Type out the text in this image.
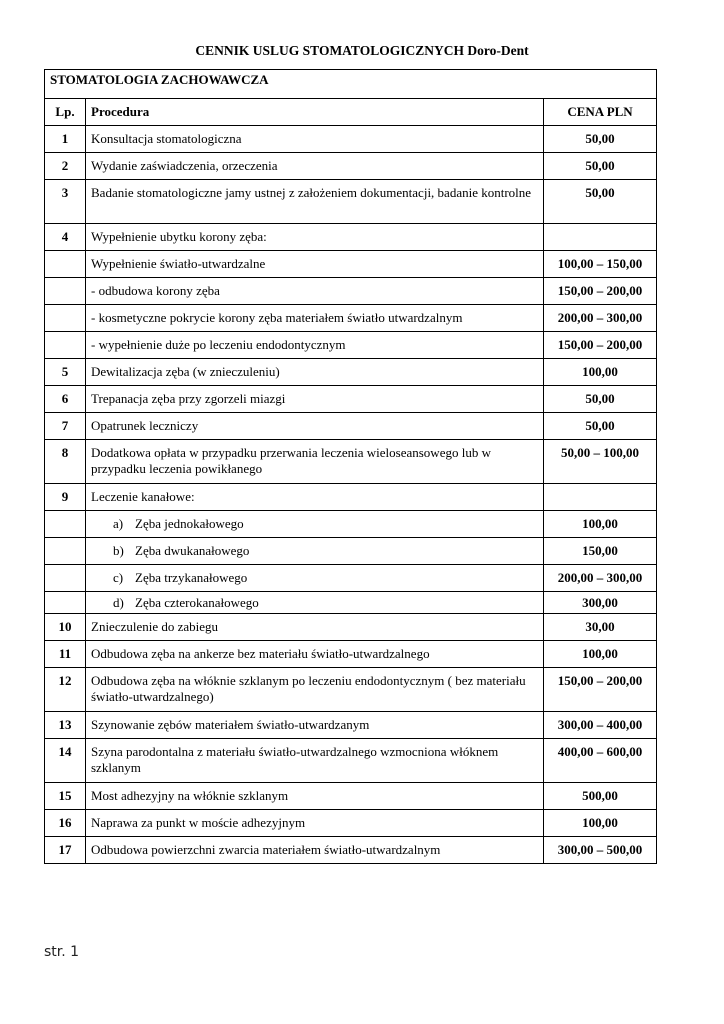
CENNIK USLUG STOMATOLOGICZNYCH Doro-Dent
STOMATOLOGIA ZACHOWAWCZA		
Lp.	Procedura	CENA PLN
1	Konsultacja stomatologiczna	50,00
2	Wydanie zaświadczenia, orzeczenia	50,00
3	Badanie stomatologiczne jamy ustnej z założeniem dokumentacji, badanie kontrolne	50,00
4	Wypełnienie ubytku korony zęba:	
	Wypełnienie światło-utwardzalne	100,00 – 150,00
	- odbudowa korony zęba	150,00 – 200,00
	- kosmetyczne pokrycie korony zęba materiałem światło utwardzalnym	200,00 – 300,00
	- wypełnienie duże po leczeniu endodontycznym	150,00 – 200,00
5	Dewitalizacja zęba (w znieczuleniu)	100,00
6	Trepanacja zęba przy zgorzeli miazgi	50,00
7	Opatrunek leczniczy	50,00
8	Dodatkowa opłata w przypadku przerwania leczenia wieloseansowego lub w przypadku leczenia powikłanego	50,00 – 100,00
9	Leczenie kanałowe:	
	a) Zęba jednokałowego	100,00
	b) Zęba dwukanałowego	150,00
	c) Zęba trzykanałowego	200,00 – 300,00
	d) Zęba czterokanałowego	300,00
10	Znieczulenie do zabiegu	30,00
11	Odbudowa zęba na ankerze bez materiału światło-utwardzalnego	100,00
12	Odbudowa zęba na włóknie szklanym po leczeniu endodontycznym ( bez materiału światło-utwardzalnego)	150,00 – 200,00
13	Szynowanie zębów materiałem światło-utwardzanym	300,00 – 400,00
14	Szyna parodontalna z materiału światło-utwardzalnego wzmocniona włóknem szklanym	400,00 – 600,00
15	Most adhezyjny na włóknie szklanym	500,00
16	Naprawa za punkt w moście adhezyjnym	100,00
17	Odbudowa powierzchni zwarcia materiałem światło-utwardzalnym	300,00 – 500,00
str. 1
